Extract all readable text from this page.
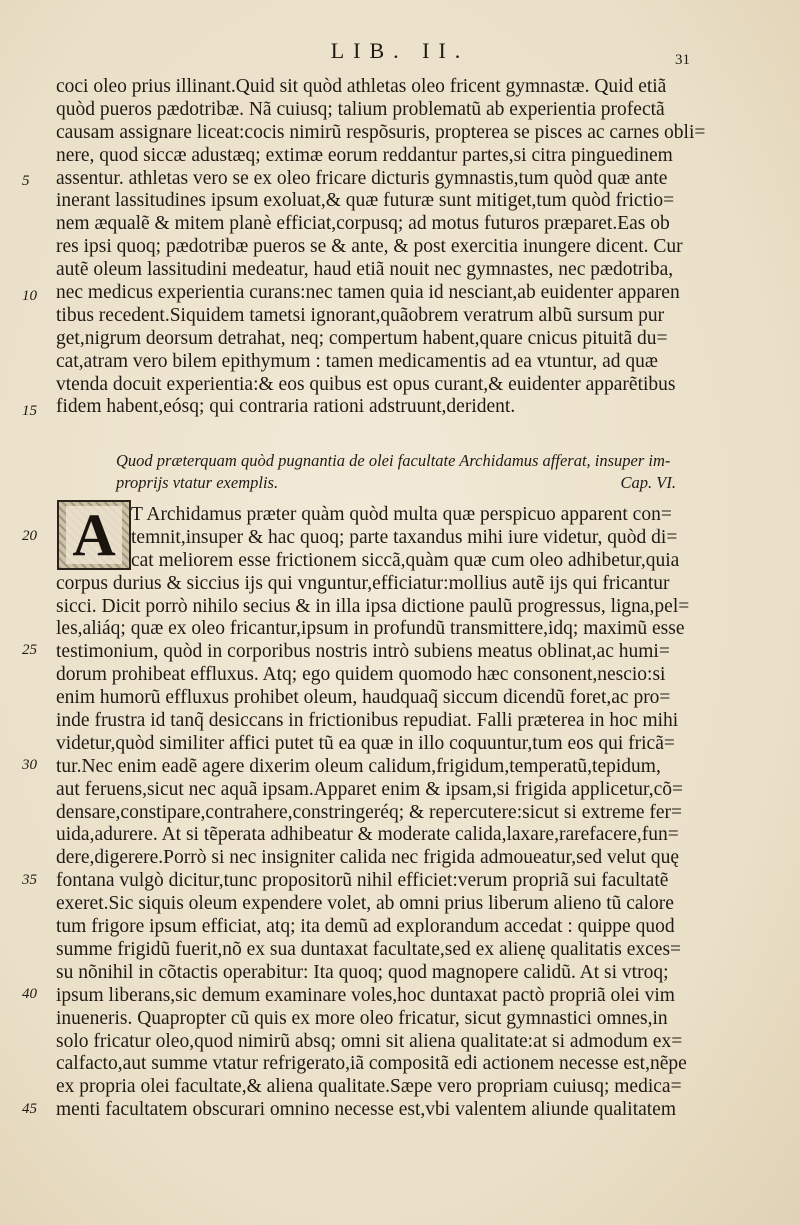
LIB. II.	31
coci oleo prius illinant.Quid sit quòd athletas oleo fricent gymnastæ. Quid etiã
quòd pueros pædotribæ. Nã cuiusq; talium problematũ ab experientia profectã
causam assignare liceat:cocis nimirũ respõsuris, propterea se pisces ac carnes obli=
nere, quod siccæ adustæq; extimæ eorum reddantur partes,si citra pinguedinem
assentur. athletas vero se ex oleo fricare dicturis gymnastis,tum quòd quæ ante
inerant lassitudines ipsum exoluat,& quæ futuræ sunt mitiget,tum quòd frictio=
nem æqualẽ & mitem planè efficiat,corpusq; ad motus futuros præparet.Eas ob
res ipsi quoq; pædotribæ pueros se & ante, & post exercitia inungere dicent. Cur
autẽ oleum lassitudini medeatur, haud etiã nouit nec gymnastes, nec pædotriba,
nec medicus experientia curans:nec tamen quia id nesciant,ab euidenter apparen
tibus recedent.Siquidem tametsi ignorant,quãobrem veratrum albũ sursum pur
get,nigrum deorsum detrahat, neq; compertum habent,quare cnicus pituitã du=
cat,atram vero bilem epithymum : tamen medicamentis ad ea vtuntur, ad quæ
vtenda docuit experientia:& eos quibus est opus curant,& euidenter apparẽtibus
fidem habent,eósq; qui contraria rationi adstruunt,derident.
Quod præterquam quòd pugnantia de olei facultate Archidamus afferat, insuper im-
proprijs vtatur exemplis.	Cap. VI.
A T Archidamus præter quàm quòd multa quæ perspicuo apparent con=
temnit,insuper & hac quoq; parte taxandus mihi iure videtur, quòd di=
cat meliorem esse frictionem siccã,quàm quæ cum oleo adhibetur,quia
corpus durius & siccius ijs qui vnguntur,efficiatur:mollius autẽ ijs qui fricantur
sicci. Dicit porrò nihilo secius & in illa ipsa dictione paulũ progressus, ligna,pel=
les,aliáq; quæ ex oleo fricantur,ipsum in profundũ transmittere,idq; maximũ esse
testimonium, quòd in corporibus nostris intrò subiens meatus oblinat,ac humi=
dorum prohibeat effluxus. Atq; ego quidem quomodo hæc consonent,nescio:si
enim humorũ effluxus prohibet oleum, haudquaq̃ siccum dicendũ foret,ac pro=
inde frustra id tanq̃ desiccans in frictionibus repudiat. Falli præterea in hoc mihi
videtur,quòd similiter affici putet tũ ea quæ in illo coquuntur,tum eos qui fricã=
tur.Nec enim eadẽ agere dixerim oleum calidum,frigidum,temperatũ,tepidum,
aut feruens,sicut nec aquã ipsam.Apparet enim & ipsam,si frigida applicetur,cõ=
densare,constipare,contrahere,constringeréq; & repercutere:sicut si extreme fer=
uida,adurere. At si tẽperata adhibeatur & moderate calida,laxare,rarefacere,fun=
dere,digerere.Porrò si nec insigniter calida nec frigida admoueatur,sed velut quę
fontana vulgò dicitur,tunc propositorũ nihil efficiet:verum propriã sui facultatẽ
exeret.Sic siquis oleum expendere volet, ab omni prius liberum alieno tũ calore
tum frigore ipsum efficiat, atq; ita demũ ad explorandum accedat : quippe quod
summe frigidũ fuerit,nõ ex sua duntaxat facultate,sed ex alienę qualitatis exces=
su nõnihil in cõtactis operabitur: Ita quoq; quod magnopere calidũ. At si vtroq;
ipsum liberans,sic demum examinare voles,hoc duntaxat pactò propriã olei vim
inueneris. Quapropter cũ quis ex more oleo fricatur, sicut gymnastici omnes,in
solo fricatur oleo,quod nimirũ absq; omni sit aliena qualitate:at si admodum ex=
calfacto,aut summe vtatur refrigerato,iã compositã edi actionem necesse est,nẽpe
ex propria olei facultate,& aliena qualitate.Sæpe vero propriam cuiusq; medica=
menti facultatem obscurari omnino necesse est,vbi valentem aliunde qualitatem
5
10
15
20
25
30
35
40
45
